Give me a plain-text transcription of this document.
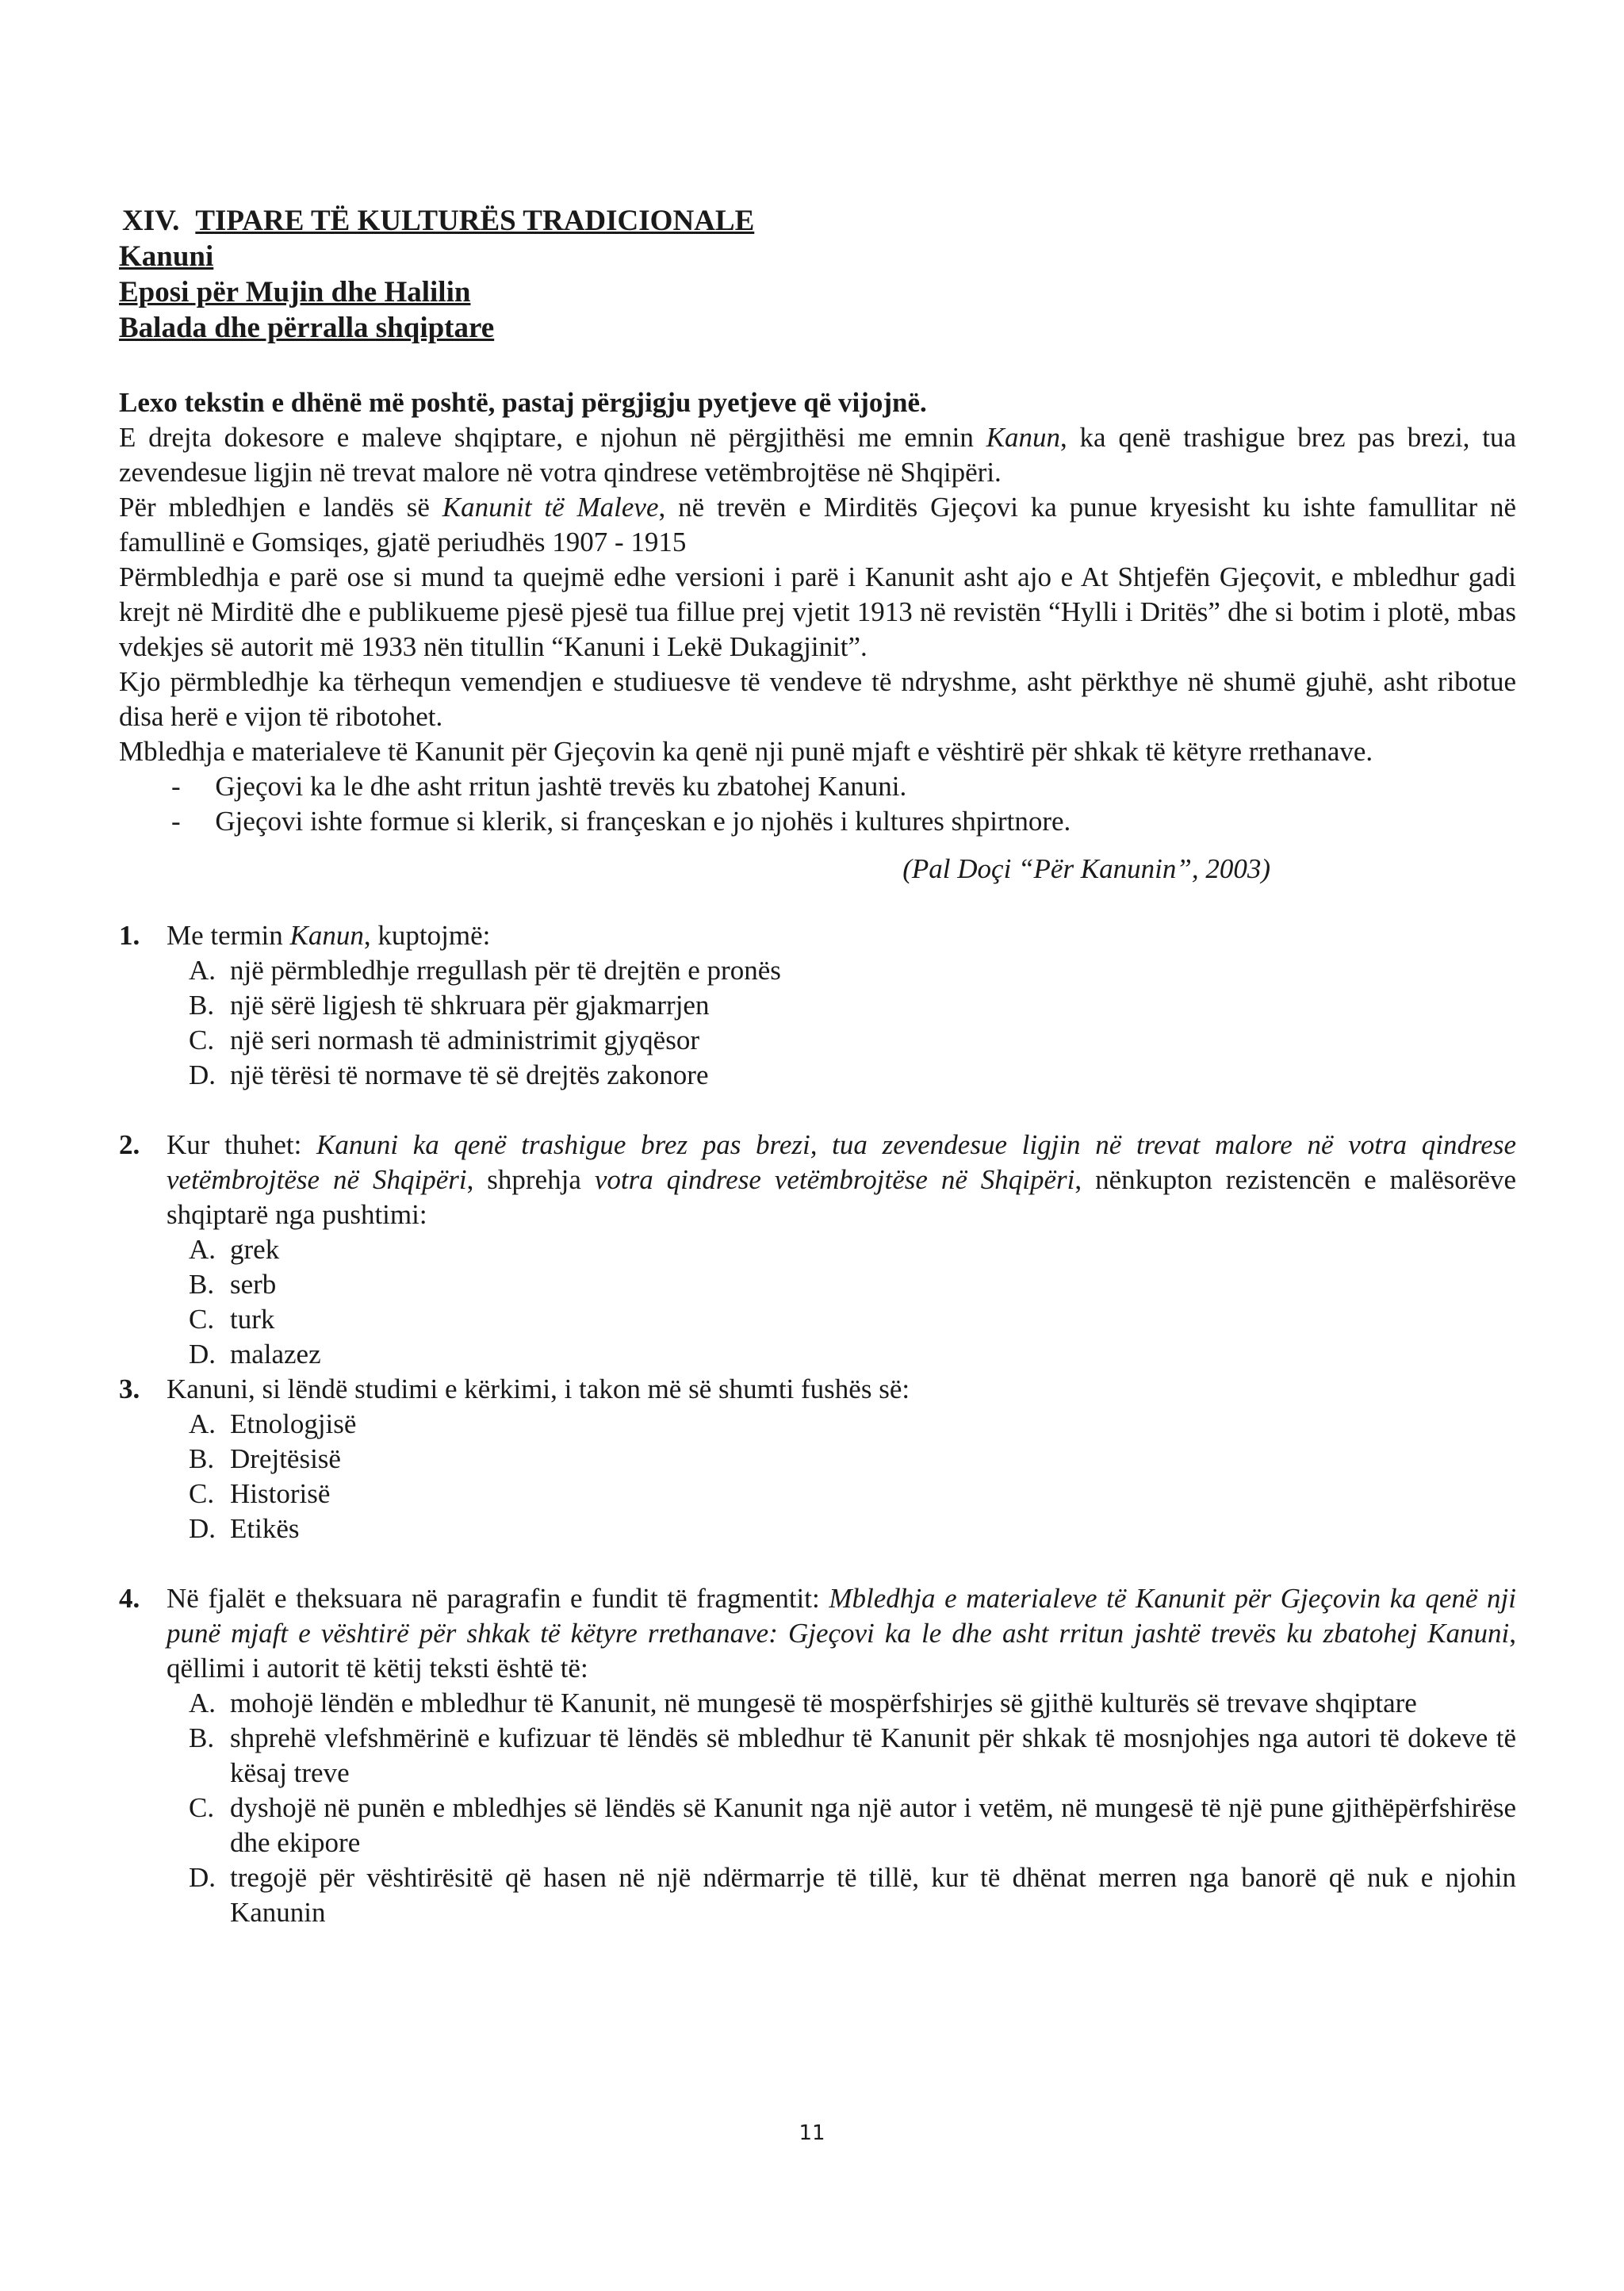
XIV. TIPARE TË KULTURËS TRADICIONALE
Kanuni
Eposi për Mujin dhe Halilin
Balada dhe përralla shqiptare
Lexo tekstin e dhënë më poshtë, pastaj përgjigju pyetjeve që vijojnë.
E drejta dokesore e maleve shqiptare, e njohun në përgjithësi me emnin Kanun, ka qenë trashigue brez pas brezi, tua zevendesue ligjin në trevat malore në votra qindrese vetëmbrojtëse në Shqipëri.
Për mbledhjen e landës së Kanunit të Maleve, në trevën e Mirditës Gjeçovi ka punue kryesisht ku ishte famullitar në famullinë e Gomsiqes, gjatë periudhës 1907 - 1915
Përmbledhja e parë ose si mund ta quejmë edhe versioni i parë i Kanunit asht ajo e At Shtjefën Gjeçovit, e mbledhur gadi krejt në Mirditë dhe e publikueme pjesë pjesë tua fillue prej vjetit 1913 në revistën “Hylli i Dritës” dhe si botim i plotë, mbas vdekjes së autorit më 1933 nën titullin “Kanuni i Lekë Dukagjinit”.
Kjo përmbledhje ka tërhequn vemendjen e studiuesve të vendeve të ndryshme, asht përkthye në shumë gjuhë, asht ribotue disa herë e vijon të ribotohet.
Mbledhja e materialeve të Kanunit për Gjeçovin ka qenë nji punë mjaft e vështirë për shkak të këtyre rrethanave.
- Gjeçovi ka le dhe asht rritun jashtë trevës ku zbatohej Kanuni.
- Gjeçovi ishte formue si klerik, si françeskan e jo njohës i kultures shpirtnore.
(Pal Doçi “Për Kanunin”, 2003)
1. Me termin Kanun, kuptojmë:
A. një përmbledhje rregullash për të drejtën e pronës
B. një sërë ligjesh të shkruara për gjakmarrjen
C. një seri normash të administrimit gjyqësor
D. një tërësi të normave të së drejtës zakonore
2. Kur thuhet: Kanuni ka qenë trashigue brez pas brezi, tua zevendesue ligjin në trevat malore në votra qindrese vetëmbrojtëse në Shqipëri, shprehja votra qindrese vetëmbrojtëse në Shqipëri, nënkupton rezistencën e malësorëve shqiptarë nga pushtimi:
A. grek
B. serb
C. turk
D. malazez
3. Kanuni, si lëndë studimi e kërkimi, i takon më së shumti fushës së:
A. Etnologjisë
B. Drejtësisë
C. Historisë
D. Etikës
4. Në fjalët e theksuara në paragrafin e fundit të fragmentit: Mbledhja e materialeve të Kanunit për Gjeçovin ka qenë nji punë mjaft e vështirë për shkak të këtyre rrethanave: Gjeçovi ka le dhe asht rritun jashtë trevës ku zbatohej Kanuni, qëllimi i autorit të këtij teksti është të:
A. mohojë lëndën e mbledhur të Kanunit, në mungesë të mospërfshirjes së gjithë kulturës së trevave shqiptare
B. shprehë vlefshmërinë e kufizuar të lëndës së mbledhur të Kanunit për shkak të mosnjohjes nga autori të dokeve të kësaj treve
C. dyshojë në punën e mbledhjes së lëndës së Kanunit nga një autor i vetëm, në mungesë të një pune gjithëpërfshirëse dhe ekipore
D. tregojë për vështirësitë që hasen në një ndërmarrje të tillë, kur të dhënat merren nga banorë që nuk e njohin Kanunin
11
